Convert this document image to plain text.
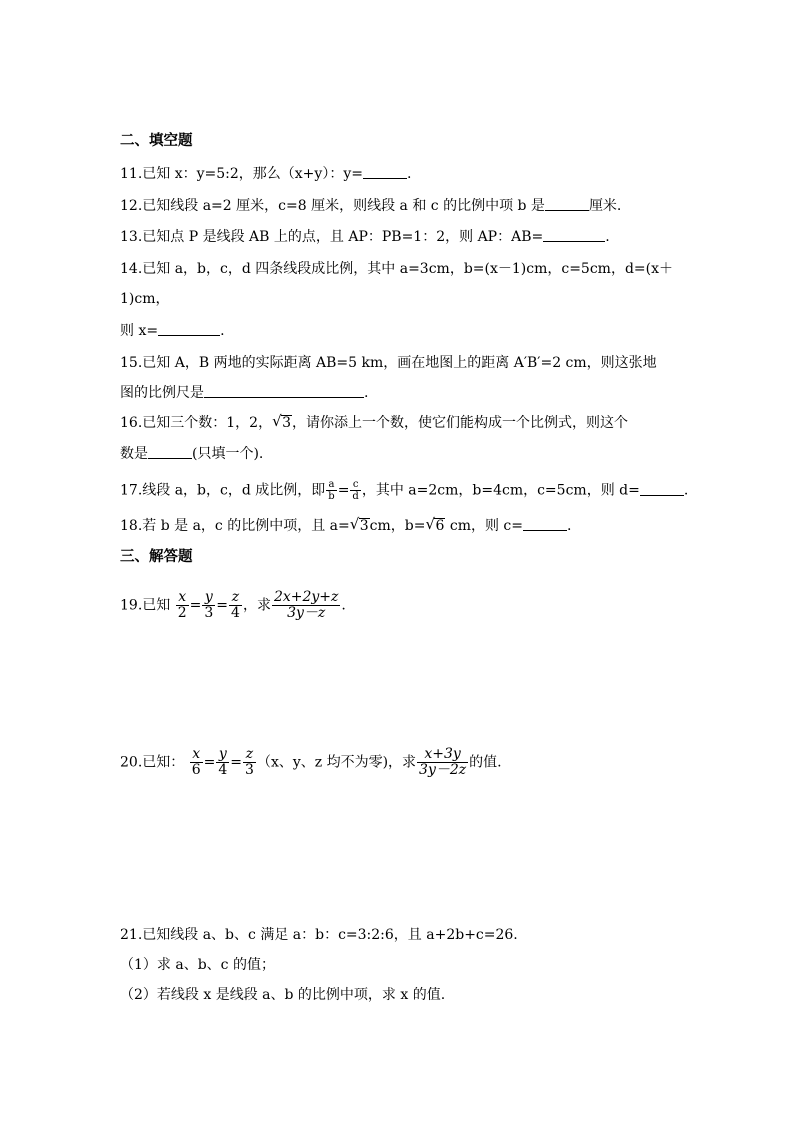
二、填空题
11.已知 x：y=5:2，那么（x+y）：y=	.
12.已知线段 a=2 厘米，c=8 厘米，则线段 a 和 c 的比例中项 b 是	厘米.
13.已知点 P 是线段 AB 上的点，且 AP：PB=1：2，则 AP：AB=	.
14.已知 a，b，c，d 四条线段成比例，其中 a=3cm，b=(x－1)cm，c=5cm，d=(x＋
1)cm，
则 x=	.
15.已知 A，B 两地的实际距离 AB=5 km，画在地图上的距离 A′B′=2 cm，则这张地
图的比例尺是	.
16.已知三个数：1，2， √ 3，请你添上一个数，使它们能构成一个比例式，则这个
数是	(只填一个).
17.线段 a，b，c，d 成比例，即 $\frac{a}{b} = \frac{c}{d}$ ，其中 a=2cm，b=4cm，c=5cm，则 d=	.
18.若 b 是 a，c 的比例中项，且 a= √ 3cm，b= √ 6 cm，则 c=	.
三、解答题
19.已知 $\frac{x}{2} = \frac{y}{3} = \frac{z}{4}$ ，求 $\frac{2x+2y+z}{3y-z}$ .
20.已知： $\frac{x}{6} = \frac{y}{4} = \frac{z}{3} (x$、y、z 均不为零)，求 $\frac{x+3y}{3y-2z}$ 的值.
21.已知线段 a、b、c 满足 a：b：c=3:2:6，且 a+2b+c=26.
（1）求 a、b、c 的值；
（2）若线段 x 是线段 a、b 的比例中项，求 x 的值.
